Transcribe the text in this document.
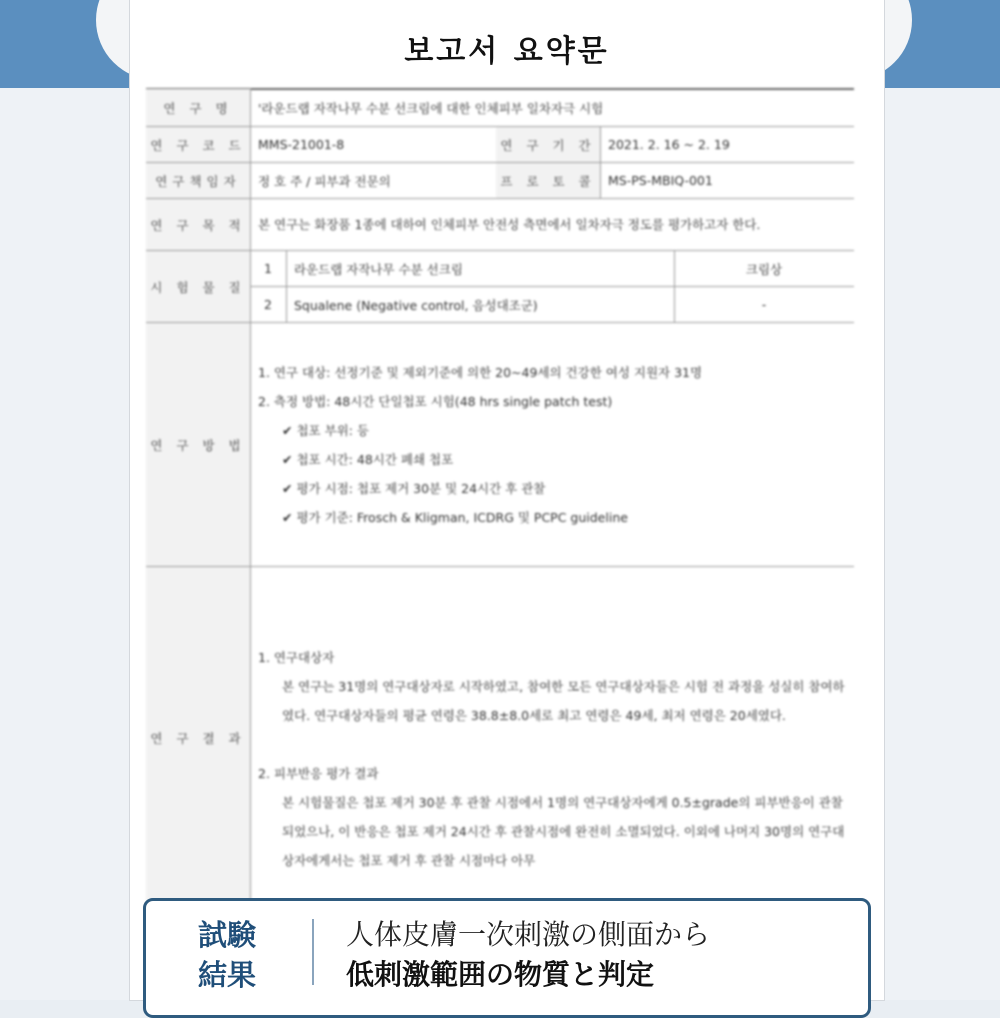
보고서 요약문
연 구 명	'라운드랩 자작나무 수분 선크림에 대한 인체피부 일차자극 시험
연 구 코 드 MMS-21001-8	연 구 기 간 2021. 2. 16 ~ 2. 19
연구책임자	정 호 주 / 피부과 전문의	프 로 토 콜 MS-PS-MBIQ-001
연 구 목 적 본 연구는 화장품 1종에 대하여 인체피부 안전성 측면에서 일차자극 정도를 평가하고자 한다.
시 험 물 질
1	라운드랩 자작나무 수분 선크림	크림상
2	Squalene (Negative control, 음성대조군)	-
연 구 방 법

1. 연구 대상: 선정기준 및 제외기준에 의한 20~49세의 건강한 여성 지원자 31명

2. 측정 방법: 48시간 단일첩포 시험(48 hrs single patch test)

✔ 첩포 부위: 등

✔ 첩포 시간: 48시간 폐쇄 첩포

✔ 평가 시점: 첩포 제거 30분 및 24시간 후 관찰

✔ 평가 기준: Frosch & Kligman, ICDRG 및 PCPC guideline

연 구 결 과

1. 연구대상자

본 연구는 31명의 연구대상자로 시작하였고, 참여한 모든 연구대상자들은 시험 전 과정을 성실히 참여하였다. 연구대상자들의 평균 연령은 38.8±8.0세로 최고 연령은 49세, 최저 연령은 20세였다.

2. 피부반응 평가 결과

본 시험물질은 첩포 제거 30분 후 관찰 시점에서 1명의 연구대상자에게 0.5±grade의 피부반응이 관찰되었으나, 이 반응은 첩포 제거 24시간 후 관찰시점에 완전히 소멸되었다. 이외에 나머지 30명의 연구대상자에게서는 첩포 제거 후 관찰 시점마다 아무

試験
結果
人体皮膚一次刺激の側面から
低刺激範囲の物質と判定
